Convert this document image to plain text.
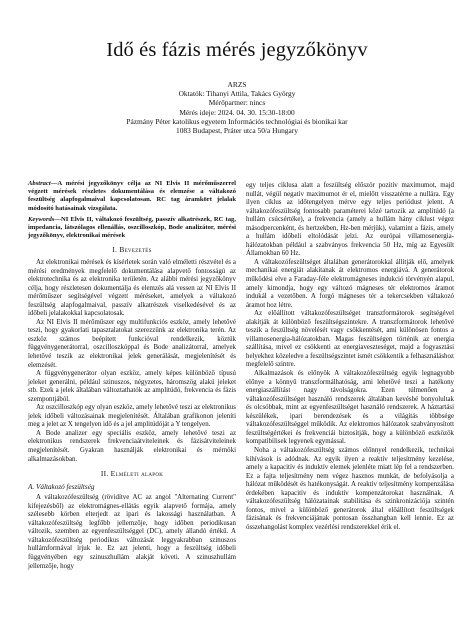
Idő és fázis mérés jegyzőkönyv
ARZS
Oktatók: Tihanyi Attila, Takács György
Mérőpartner: nincs
Mérés ideje: 2024. 04. 30. 15:30-18:00
Pázmány Péter katolikus egyetem Információs technológiai és bionikai kar
1083 Budapest, Práter utca 50/a Hungary

Abstract—A mérési jegyzőkönyv célja az NI Elvis II mérőműszerrel végzett mérések részletes dokumentálása és elemzése a váltakozó feszültség alapfogalmaival kapcsolatosan. RC tag áramkört jelalak módosító hatásainak vizsgálata.

Keywords—NI Elvis II, váltakozó feszültség, passzív alkatrészek, RC tag, impedancia, látszólagos ellenállás, oszcilloszkóp, Bode analizátor, mérési jegyzőkönyv, elektronikai mérések

I. Bevezetés

Az elektronikai mérések és kísérletek során való elméletti részvétel és a mérési eredmények megfelelő dokumentálása alapvető fontosságú az elektrotechnika és az elektronika területén. Az alábbi mérési jegyzőkönyv célja, hogy részletesen dokumentálja és elemzés alá vessen az NI Elvis II mérőműszer segítségével végzett méréseket, amelyek a váltakozó feszültség alapfogalmaival, passzív alkatrészek viselkedésével és az időbeli jelalakokkal kapcsolatosak.

Az NI Elvis II mérőműszer egy multifunkciós eszköz, amely lehetővé teszi, hogy gyakorlati tapasztalatokat szerezzünk az elektronika terén. Az eszköz számos beépített funkcióval rendelkezik, köztük függvénygenerátorral, oszcilloszkóppal és Bode analizátorral, amelyek lehetővé teszik az elektronikai jelek generálását, megjelenítését és elemzését.

A függvénygenerátor olyan eszköz, amely képes különböző típusú jeleket generálni, például szinuszos, négyzetes, háromszög alakú jeleket stb. Ezek a jelek általában változtathatók az amplitúdó, frekvencia és fázis szempontjából.

Az oszcilloszkóp egy olyan eszköz, amely lehetővé teszi az elektronikus jelek időbeli változásainak megjelenítését. Általában grafikonon jeleníti meg a jelet az X tengelyen idő és a jel amplitúdóját a Y tengelyen.

A Bode analizer egy speciális eszköz, amely lehetővé teszi az elektronikus rendszerek frekvenciaátviteleinek és fázisátviteleinek megjelenítését. Gyakran használják elektronikai és mérnöki alkalmazásokban.

II. Elméleti alapok

A. Váltakozó feszültség

A váltakozófeszültség (rövidítve AC az angol "Alternating Current" kifejezésből) az elektromágnes-ellátás egyik alapvető formája, amely szélesebb körben elterjedt az ipari és lakossági használatban. A váltakozófeszültség legfőbb jellemzője, hogy időben periodikusan változik, szemben az egyenfeszültséggel (DC), amely állandó értékű. A váltakozófeszültség periodikus változását leggyakrabban szinuszos hullámformával írjuk le. Ez azt jelenti, hogy a feszültség időbeli függvényében egy szinuszhullám alakját követi. A szinuszhullám jellemzője, hogy

egy teljes ciklusa alatt a feszültség először pozitív maximumot, majd nullát, végül negatív maximumot ér el, mielőtt visszatérne a nullára. Egy ilyen ciklus az időtengelyen mérve egy teljes periódust jelent. A váltakozófeszültség fontosabb paraméterei közé tartozik az amplitúdó (a hullám csúcsértéke), a frekvencia (amely a hullám hány ciklust végez másodpercenként, és hertzekben, Hz-ben mérjük), valamint a fázis, amely a hullám időbeli eltolódását jelzi. Az európai villamosenergia-hálózatokban például a szabványos frekvencia 50 Hz, míg az Egyesült Államokban 60 Hz.

A váltakozófeszültséget általában generátorokkal állítják elő, amelyek mechanikai energiát alakítanak át elektromos energiává. A generátorok működési elve a Faraday-féle elektromágneses indukció törvényén alapul, amely kimondja, hogy egy változó mágneses tér elektromos áramot indukál a vezetőben. A forgó mágneses tér a tekercsekben váltakozó áramot hoz létre.

Az előállított váltakozófeszültséget transzformátorok segítségével alakítják át különböző feszültségszintekre. A transzformátorok lehetővé teszik a feszültség növelését vagy csökkentését, ami különösen fontos a villamosenergia-hálózatokban. Magas feszültségen történik az energia szállítása, mivel ez csökkenti az energiaveszteséget, majd a fogyasztási helyekhez közeledve a feszültségszintet ismét csökkentik a felhasználáshoz megfelelő szintre.

Alkalmazások és előnyök A váltakozófeszültség egyik legnagyobb előnye a könnyű transzformálhatóság, ami lehetővé teszi a hatékony energiaszállítást nagy távolságokra. Ezen túlmenően a váltakozófeszültséget használó rendszerek általában kevésbé bonyolultak és olcsóbbak, mint az egyenfeszültséget használó rendszerek. A háztartási készülékek, ipari berendezések és a világítás többsége váltakozófeszültséggel működik. Az elektromos hálózatok szabványosított feszültségértékei és frekvenciái biztosítják, hogy a különböző eszközök kompatibilisek legyenek egymással.

Noha a váltakozófeszültség számos előnnyel rendelkezik, technikai kihívások is adódnak. Az egyik ilyen a reaktív teljesítmény kezelése, amely a kapacitív és induktív elemek jelenléte miatt lép fel a rendszerben. Ez a fajta teljesítmény nem végez hasznos munkát, de befolyásolja a hálózat működését és hatékonyságát. A reaktív teljesítmény kompenzálása érdekében kapacitív és induktív kompenzátorokat használnak. A váltakozófeszültség hálózatainak stabilitása és szinkronizációja szintén fontos, mivel a különböző generátorok által előállított feszültségek fázisának és frekvenciájának pontosan összhangban kell lennie. Ez az összehangolást komplex vezérlési rendszerekkel érik el.
